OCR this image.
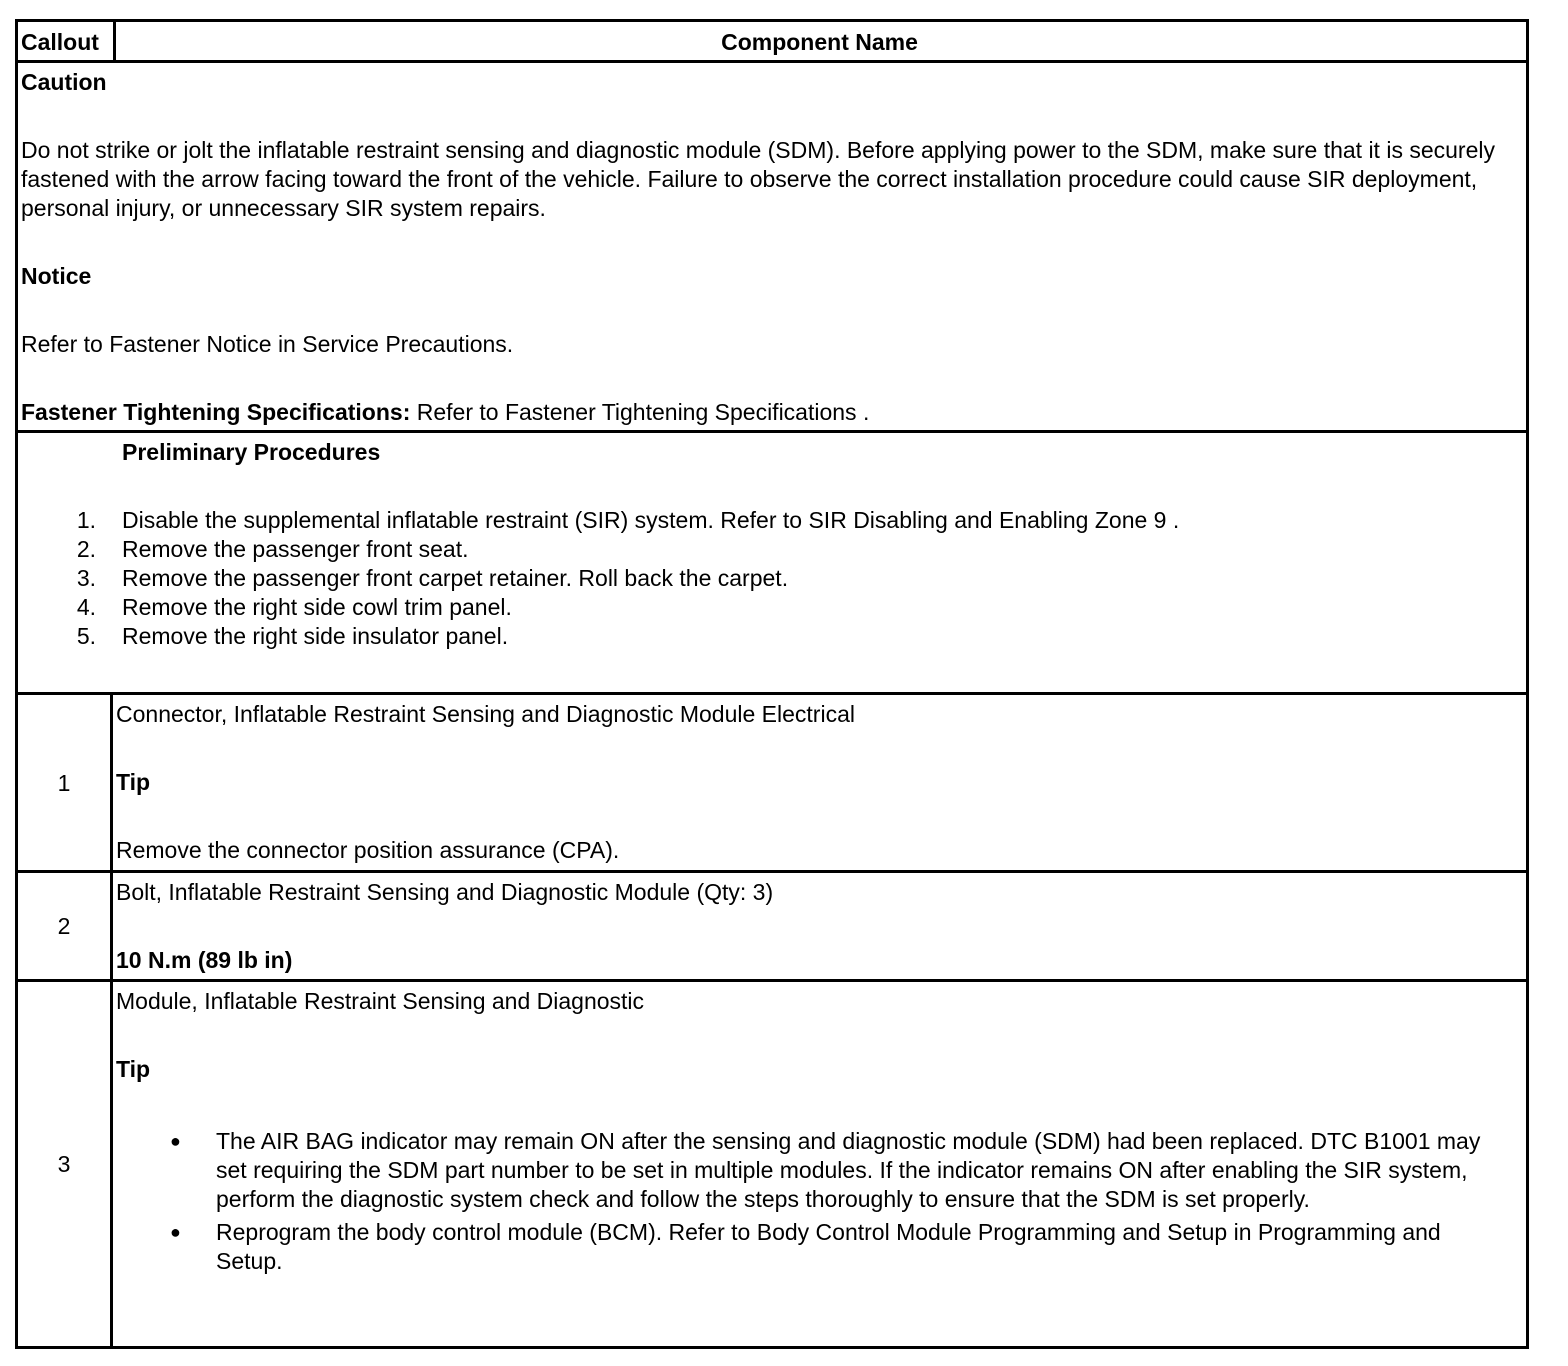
Callout	Component Name

Caution

Do not strike or jolt the inflatable restraint sensing and diagnostic module (SDM). Before applying power to the SDM, make sure that it is securely fastened with the arrow facing toward the front of the vehicle. Failure to observe the correct installation procedure could cause SIR deployment, personal injury, or unnecessary SIR system repairs.

Notice

Refer to Fastener Notice in Service Precautions.

Fastener Tightening Specifications: Refer to Fastener Tightening Specifications .

Preliminary Procedures

1. Disable the supplemental inflatable restraint (SIR) system. Refer to SIR Disabling and Enabling Zone 9 .
2. Remove the passenger front seat.
3. Remove the passenger front carpet retainer. Roll back the carpet.
4. Remove the right side cowl trim panel.
5. Remove the right side insulator panel.
1

Connector, Inflatable Restraint Sensing and Diagnostic Module Electrical

Tip

Remove the connector position assurance (CPA).

2

Bolt, Inflatable Restraint Sensing and Diagnostic Module (Qty: 3)

10 N.m (89 lb in)

3

Module, Inflatable Restraint Sensing and Diagnostic

Tip

● The AIR BAG indicator may remain ON after the sensing and diagnostic module (SDM) had been replaced. DTC B1001 may set requiring the SDM part number to be set in multiple modules. If the indicator remains ON after enabling the SIR system, perform the diagnostic system check and follow the steps thoroughly to ensure that the SDM is set properly.

● Reprogram the body control module (BCM). Refer to Body Control Module Programming and Setup in Programming and Setup.
